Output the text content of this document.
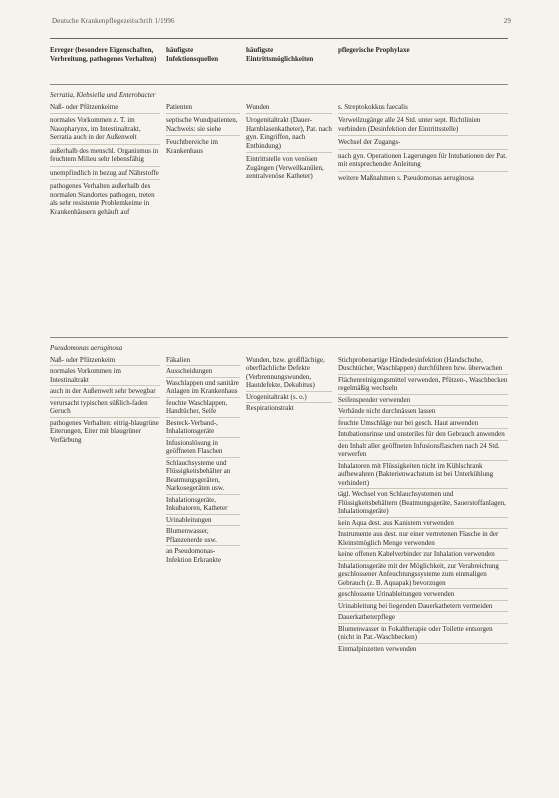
Deutsche Krankenpflegezeitschrift 1/1996	29
Erreger (besondere Eigenschaften, Verbreitung, pathogenes Verhalten)
häufigste Infektionsquellen
häufigste Eintrittsmöglichkeiten
pflegerische Prophylaxe
Serratia, Klebsiella und Enterobacter

Naß- oder Pfützenkeime

normales Vorkommen z. T. im Nasopharynx, im Intestinaltrakt, Serratia auch in der Außenwelt

außerhalb des menschl. Organismus in feuchtem Milieu sehr lebensfähig

unempfindlich in bezug auf Nährstoffe

pathogenes Verhalten außerhalb des normalen Standortes pathogen, treten als sehr resistente Problemkeime in Krankenhäusern gehäuft auf

Patienten

septische Wundpatienten, Nachweis: sie siehe

Feuchtbereiche im Krankenhaus

Wunden

Urogenitaltrakt (Dauer-Harnblasenkatheter), Pat. nach gyn. Eingriffen, nach Entbindung)

Eintrittstelle von venösen Zugängen (Verweilkanülen, zentralvenöse Katheter)

s. Streptokokkus faecalis

Verweilzugänge alle 24 Std. unter sept. Richtlinien verbinden (Desinfektion der Eintrittsstelle)

Wechsel der Zugangs-

nach gyn. Operationen Lagerungen für Intubationen der Pat. mit entsprechender Anleitung

weitere Maßnahmen s. Pseudomonas aeruginosa

Pseudomonas aeruginosa

Naß- oder Pfützenkeim

normales Vorkommen im Intestinaltrakt

auch in der Außenwelt sehr bewegbar

verursacht typischen süßlich-faden Geruch

pathogenes Verhalten: eitrig-blaugrüne Eiterungen, Eiter mit blaugrüner Verfärbung

Fäkalien

Ausscheidungen

Waschlappen und sanitäre Anlagen im Krankenhaus

feuchte Waschlappen, Handtücher, Seife

Besteck-Verband-, Inhalationsgeräte

Infusionslösung in geöffneten Flaschen

Schlauchsysteme und Flüssigkeitsbehälter an Beatmungsgeräten, Narkosegeräten usw.

Inhalationsgeräte, Inkubatoren, Katheter

Urinableitungen

Blumenwasser, Pflanzenerde usw.

an Pseudomonas-Infektion Erkrankte

Wunden, bzw. großflächige, oberflächliche Defekte (Verbrennungswunden, Hautdefekte, Dekubitus)

Urogenitaltrakt (s. o.)

Respirationstrakt

Stichprobenartige Händedesinfektion (Handschuhe, Duschtücher, Waschlappen) durchführen bzw. überwachen

Flächenreinigungsmittel verwenden, Pfützen-, Waschbecken regelmäßig wechseln

Seifenspender verwenden

Verbände nicht durchnässen lassen

feuchte Umschläge nur bei gesch. Haut anwenden

Intubationsrinse und unsteriles für den Gebrauch anwenden

den Inhalt aller geöffneten Infusionsflaschen nach 24 Std. verwerfen

Inhalatoren mit Flüssigkeiten nicht im Kühlschrank aufbewahren (Bakterienwachstum ist bei Unterkühlung verhindert)

tägl. Wechsel von Schlauchsystemen und Flüssigkeitsbehältern (Beatmungsgeräte, Sauerstoffanlagen, Inhalationsgeräte)

kein Aqua dest. aus Kanistern verwenden

Instrumente aus dest. nur einer vertretenen Flasche in der Kleinstmöglich Menge verwenden

keine offenen Kabelverbinder zur Inhalation verwenden

Inhalationsgeräte mit der Möglichkeit, zur Verabreichung geschlossener Anfeuchtungssysteme zum einmaligen Gebrauch (z. B. Aquapak) bevorzugen

geschlossene Urinableitungen verwenden

Urinableitung bei liegenden Dauerkathetern vermeiden

Dauerkatheterpflege

Blumenwasser in Fokaltherapie oder Toilette entsorgen (nicht in Pat.-Waschbecken)

Einmalpinzetten verwenden
